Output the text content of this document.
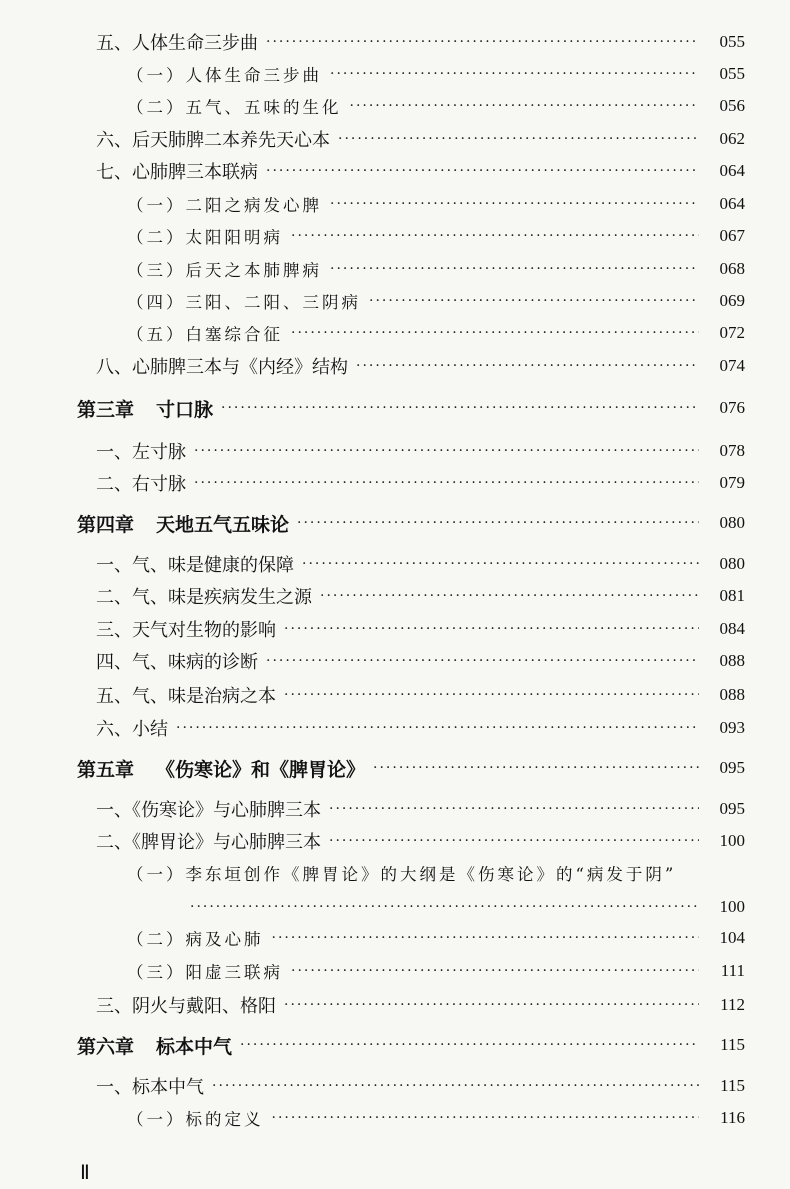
五、人体生命三步曲 ·····	055
（一）人体生命三步曲 ·····	055
（二）五气、五味的生化 ·····	056
六、后天肺脾二本养先天心本 ·····	062
七、心肺脾三本联病 ·····	064
（一）二阳之病发心脾 ·····	064
（二）太阳阳明病 ·····	067
（三）后天之本肺脾病 ·····	068
（四）三阳、二阳、三阴病 ·····	069
（五）白塞综合征 ·····	072
八、心肺脾三本与《内经》结构 ·····	074
第三章 寸口脉 ·····	076
一、左寸脉 ·····	078
二、右寸脉 ·····	079
第四章 天地五气五味论 ·····	080
一、气、味是健康的保障 ·····	080
二、气、味是疾病发生之源 ·····	081
三、天气对生物的影响 ·····	084
四、气、味病的诊断 ·····	088
五、气、味是治病之本 ·····	088
六、小结 ·····	093
第五章 《伤寒论》和《脾胃论》 ·····	095
一、《伤寒论》与心肺脾三本 ·····	095
二、《脾胃论》与心肺脾三本 ·····	100
（一）李东垣创作《脾胃论》的大纲是《伤寒论》的“病发于阴”
·····
100
（二）病及心肺 ·····	104
（三）阳虚三联病 ·····	111
三、阴火与戴阳、格阳 ·····	112
第六章 标本中气 ·····	115
一、标本中气 ·····	115
（一）标的定义 ·····	116
Ⅱ
